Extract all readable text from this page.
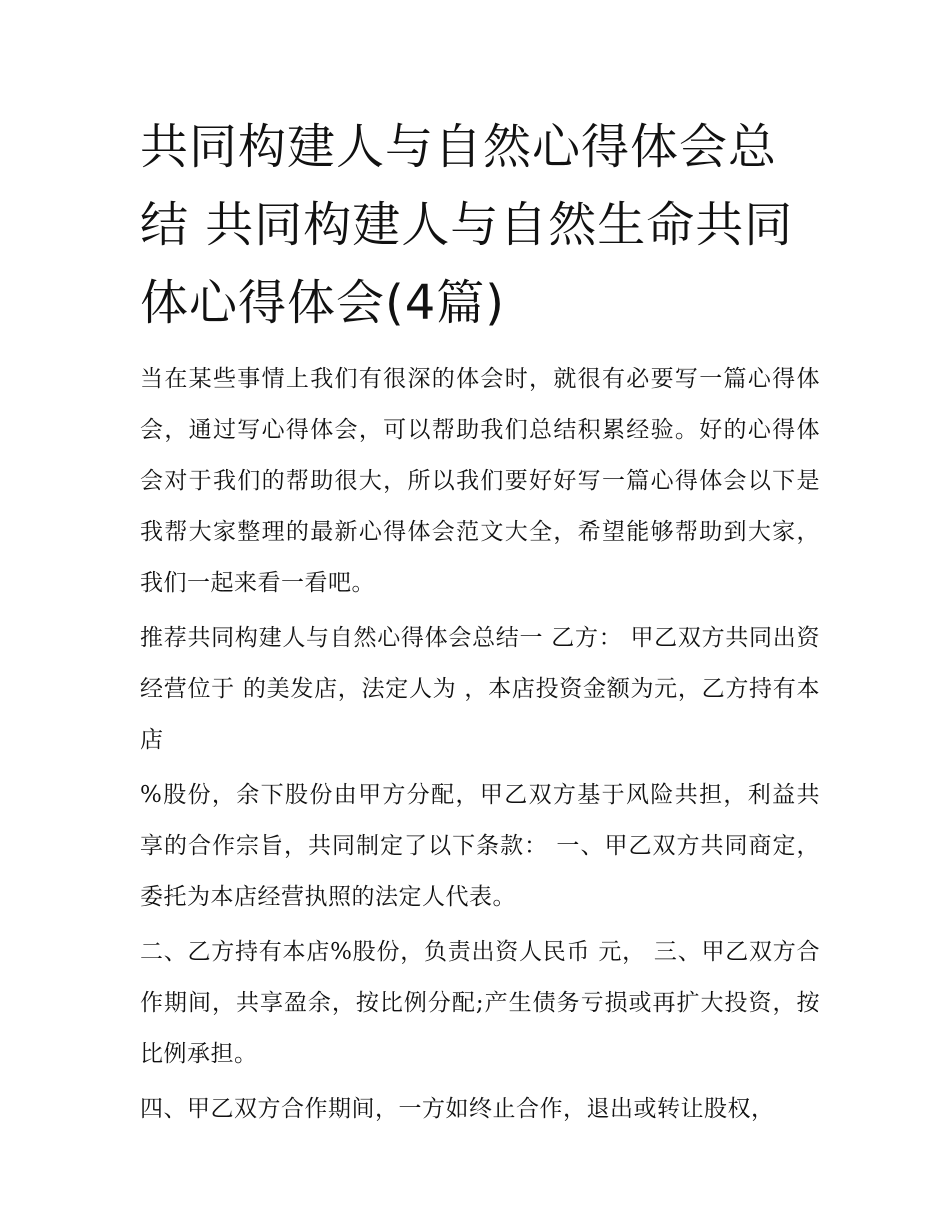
共同构建人与自然心得体会总结 共同构建人与自然生命共同体心得体会(4篇)

当在某些事情上我们有很深的体会时，就很有必要写一篇心得体会，通过写心得体会，可以帮助我们总结积累经验。好的心得体会对于我们的帮助很大，所以我们要好好写一篇心得体会以下是我帮大家整理的最新心得体会范文大全，希望能够帮助到大家，我们一起来看一看吧。

推荐共同构建人与自然心得体会总结一 乙方： 甲乙双方共同出资经营位于 的美发店，法定人为 ，本店投资金额为元，乙方持有本店

%股份，余下股份由甲方分配，甲乙双方基于风险共担，利益共享的合作宗旨，共同制定了以下条款： 一、甲乙双方共同商定，委托为本店经营执照的法定人代表。

二、乙方持有本店%股份，负责出资人民币 元， 三、甲乙双方合作期间，共享盈余，按比例分配;产生债务亏损或再扩大投资，按比例承担。

四、甲乙双方合作期间，一方如终止合作，退出或转让股权，
